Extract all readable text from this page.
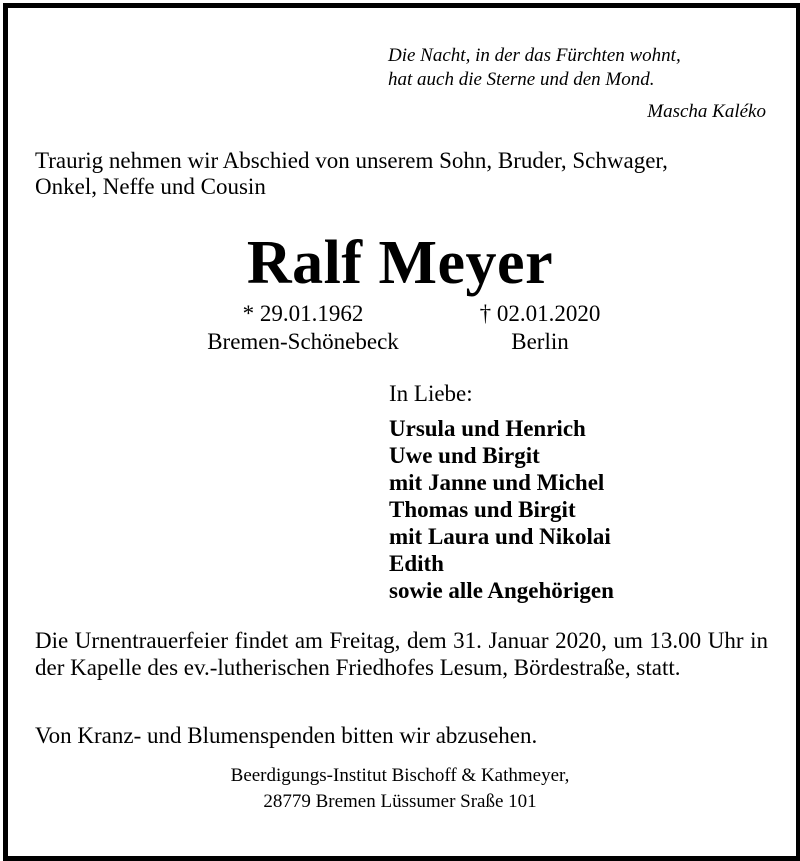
Die Nacht, in der das Fürchten wohnt,
hat auch die Sterne und den Mond.
Mascha Kaléko
Traurig nehmen wir Abschied von unserem Sohn, Bruder, Schwager,
Onkel, Neffe und Cousin
Ralf Meyer
* 29.01.1962
Bremen-Schönebeck
† 02.01.2020
Berlin
In Liebe:
Ursula und Henrich
Uwe und Birgit
mit Janne und Michel
Thomas und Birgit
mit Laura und Nikolai
Edith
sowie alle Angehörigen
Die Urnentrauerfeier findet am Freitag, dem 31. Januar 2020, um 13.00 Uhr in der Kapelle des ev.-lutherischen Friedhofes Lesum, Bördestraße, statt.
Von Kranz- und Blumenspenden bitten wir abzusehen.
Beerdigungs-Institut Bischoff & Kathmeyer,
28779 Bremen Lüssumer Sraße 101
